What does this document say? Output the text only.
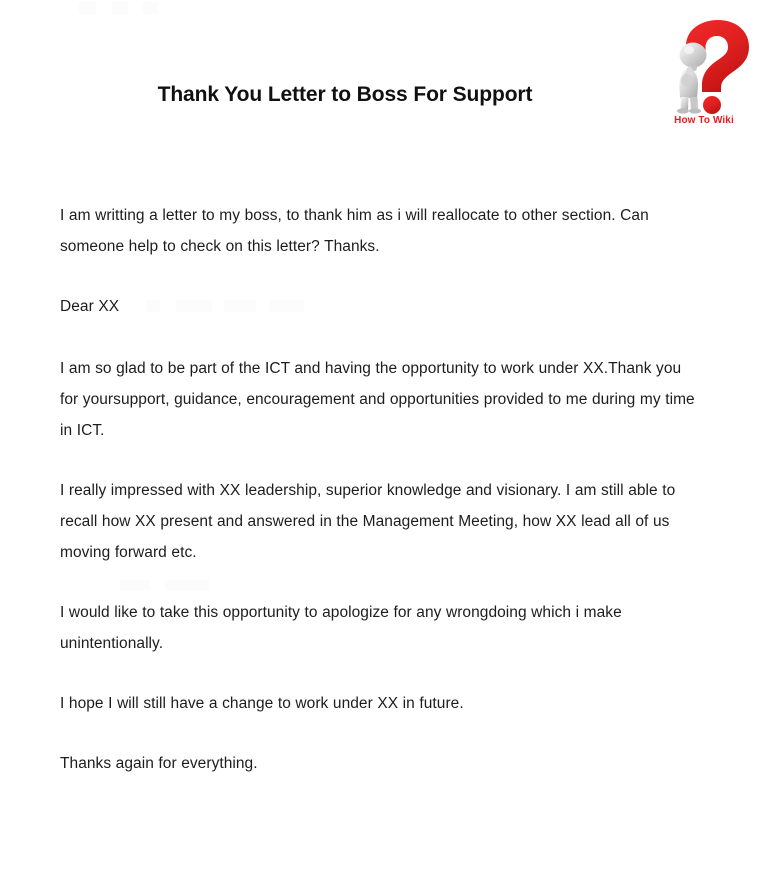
Thank You Letter to Boss For Support
How To Wiki

I am writting a letter to my boss, to thank him as i will reallocate to other section. Can someone help to check on this letter? Thanks.

Dear XX

I am so glad to be part of the ICT and having the opportunity to work under XX.Thank you for yoursupport, guidance, encouragement and opportunities provided to me during my time in ICT.

I really impressed with XX leadership, superior knowledge and visionary. I am still able to recall how XX present and answered in the Management Meeting, how XX lead all of us moving forward etc.

I would like to take this opportunity to apologize for any wrongdoing which i make unintentionally.

I hope I will still have a change to work under XX in future.

Thanks again for everything.
